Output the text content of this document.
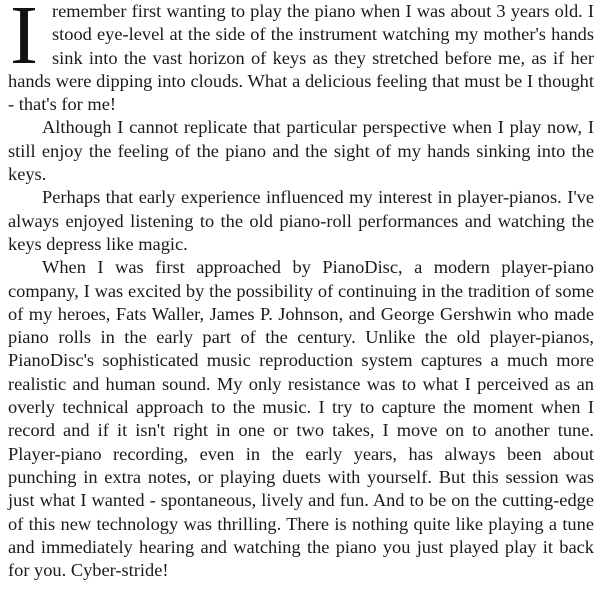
Iremember first wanting to play the piano when I was about 3 years old. I stood eye-level at the side of the instrument watching my mother's hands sink into the vast horizon of keys as they stretched before me, as if her hands were dipping into clouds. What a delicious feeling that must be I thought - that's for me!

Although I cannot replicate that particular perspective when I play now, I still enjoy the feeling of the piano and the sight of my hands sinking into the keys.

Perhaps that early experience influenced my interest in player-pianos. I've always enjoyed listening to the old piano-roll performances and watching the keys depress like magic.

When I was first approached by PianoDisc, a modern player-piano company, I was excited by the possibility of continuing in the tradition of some of my heroes, Fats Waller, James P. Johnson, and George Gershwin who made piano rolls in the early part of the century. Unlike the old player-pianos, PianoDisc's sophisticated music reproduction system captures a much more realistic and human sound. My only resistance was to what I perceived as an overly technical approach to the music. I try to capture the moment when I record and if it isn't right in one or two takes, I move on to another tune. Player-piano recording, even in the early years, has always been about punching in extra notes, or playing duets with yourself. But this session was just what I wanted - spontaneous, lively and fun. And to be on the cutting-edge of this new technology was thrilling. There is nothing quite like playing a tune and immediately hearing and watching the piano you just played play it back for you. Cyber-stride!
